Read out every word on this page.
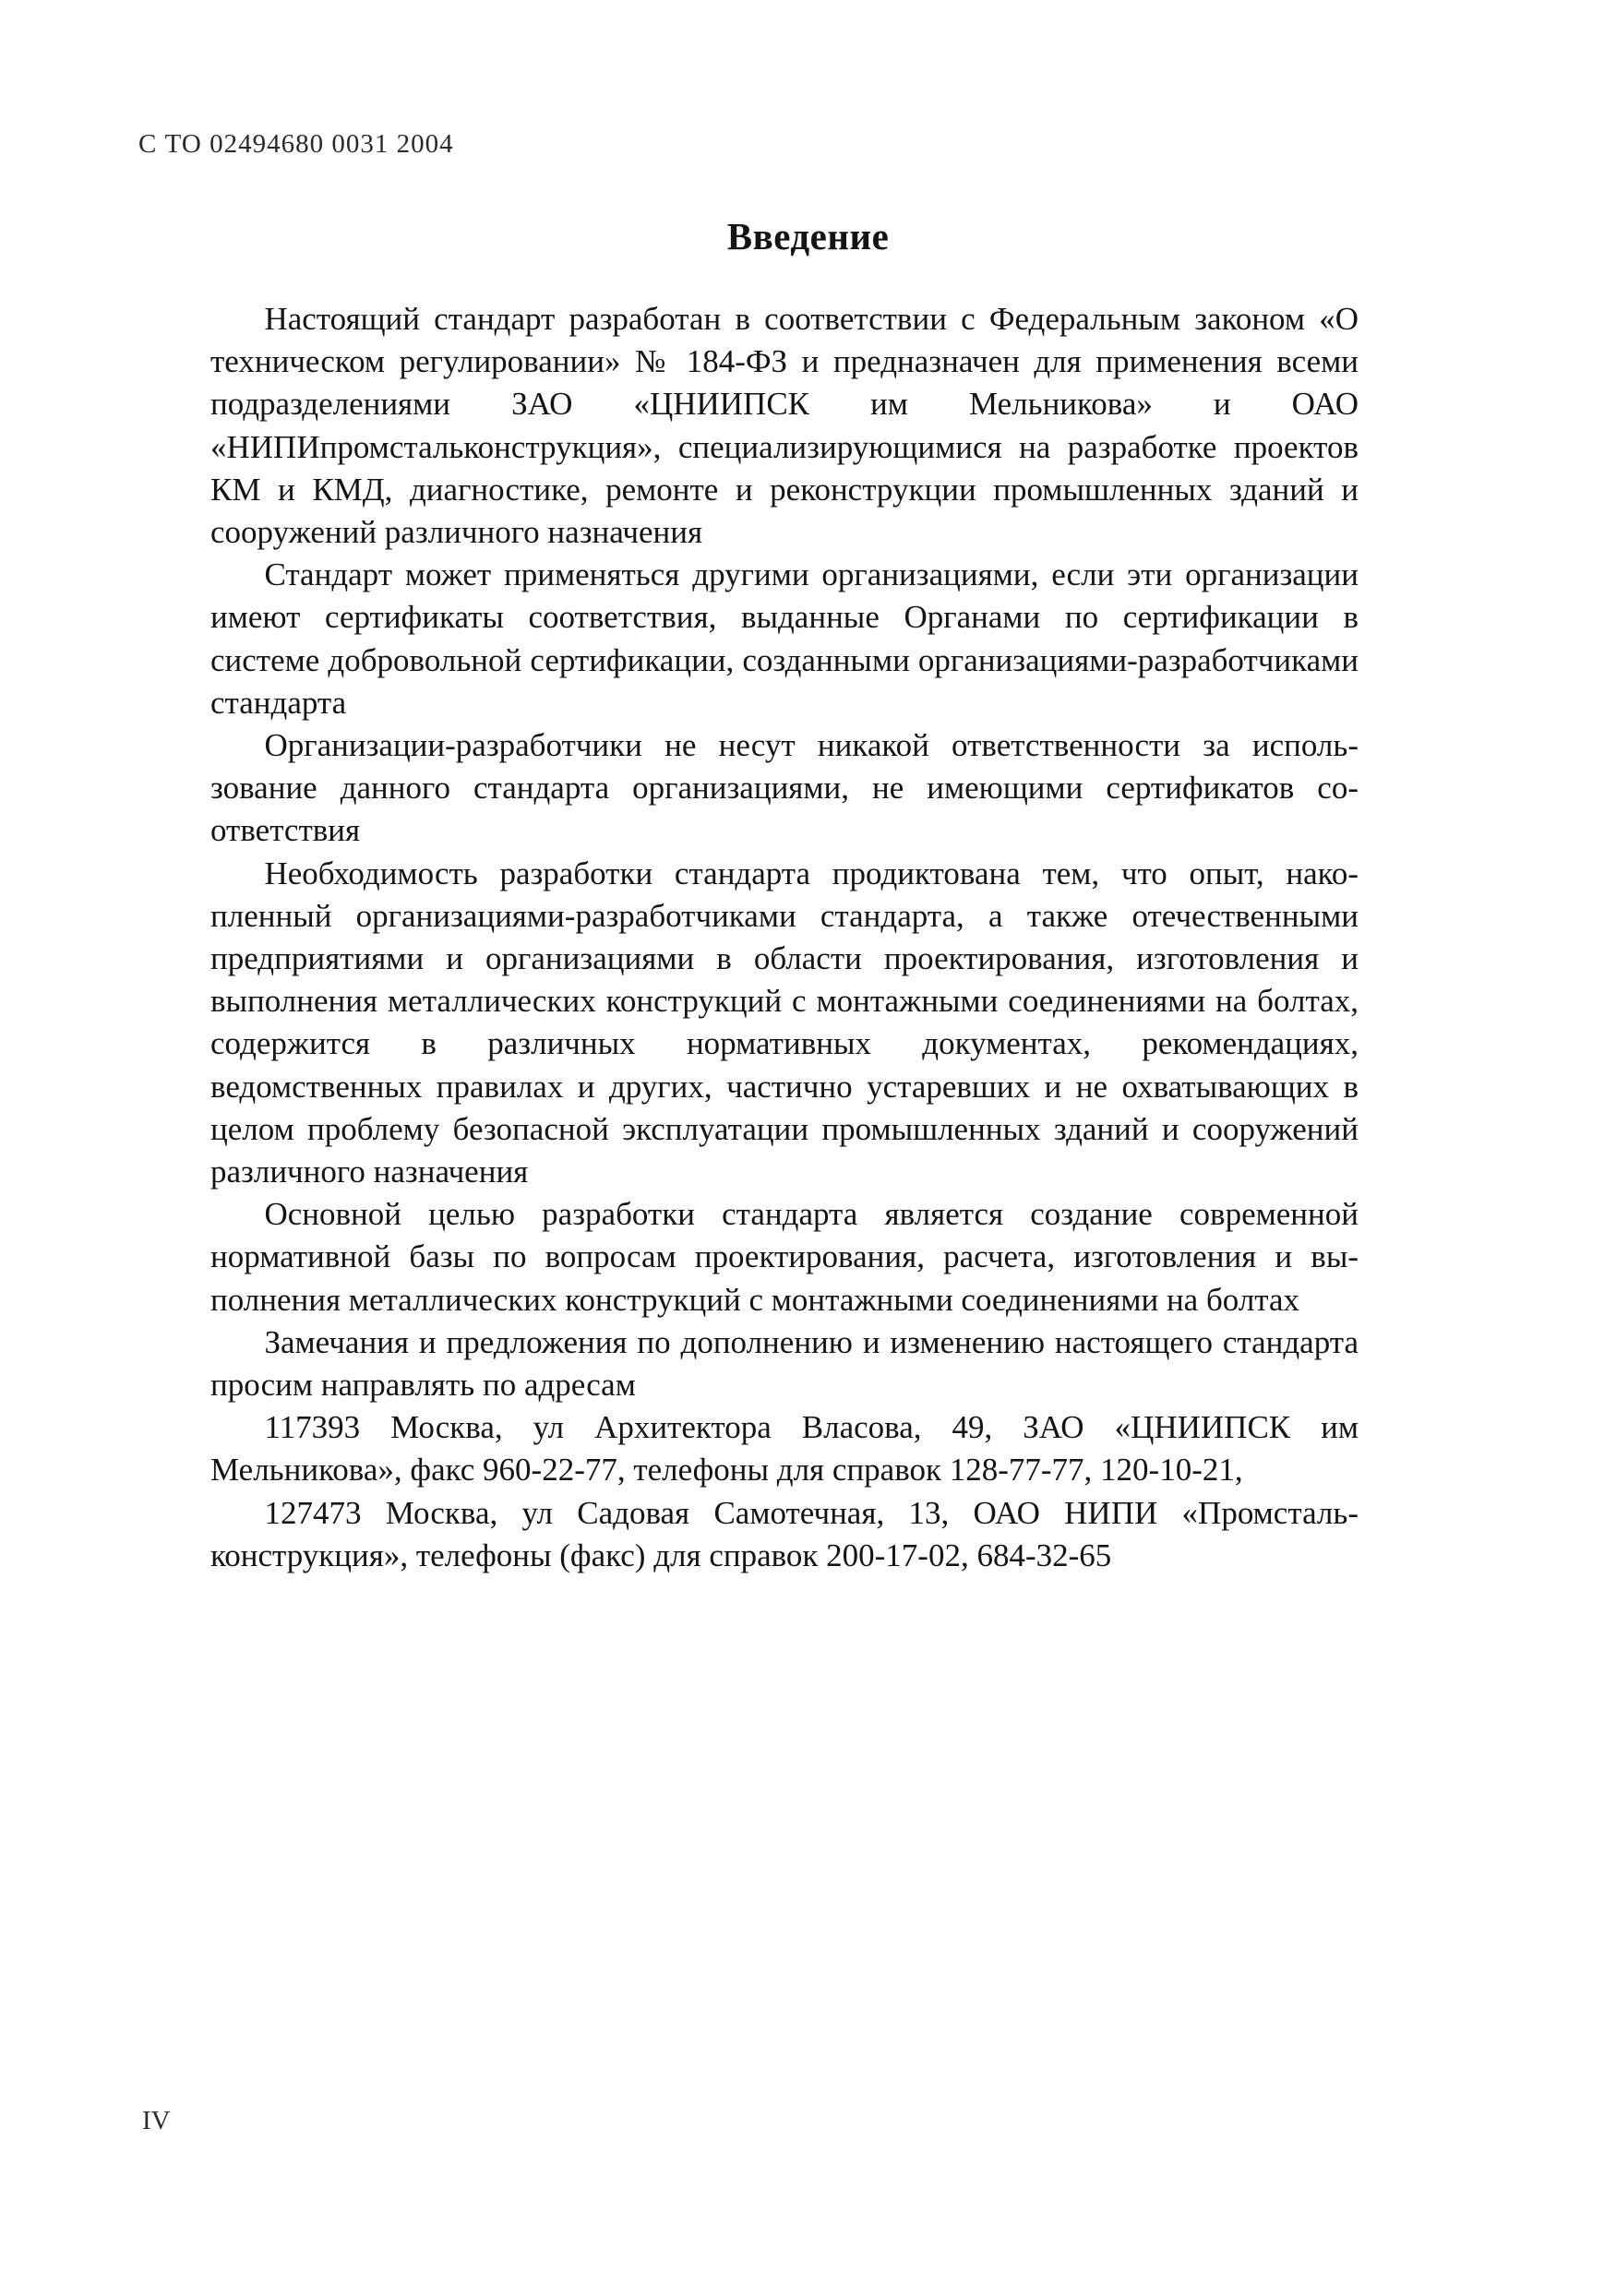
С ТО 02494680 0031 2004
Введение

Настоящий стандарт разработан в соответствии с Федеральным законом «О техническом регулировании» № 184-ФЗ и предназначен для применения всеми подразделениями ЗАО «ЦНИИПСК им Мельникова» и ОАО «НИПИпромстальконструкция», специализирующимися на разработке проектов КМ и КМД, диагностике, ремонте и реконструкции промышленных зданий и сооружений различного назначения

Стандарт может применяться другими организациями, если эти организации имеют сертификаты соответствия, выданные Органами по сертификации в системе добровольной сертификации, созданными организациями-разработчиками стандарта

Организации-разработчики не несут никакой ответственности за использование данного стандарта организациями, не имеющими сертификатов соответствия

Необходимость разработки стандарта продиктована тем, что опыт, накопленный организациями-разработчиками стандарта, а также отечественными предприятиями и организациями в области проектирования, изготовления и выполнения металлических конструкций с монтажными соединениями на болтах, содержится в различных нормативных документах, рекомендациях, ведомственных правилах и других, частично устаревших и не охватывающих в целом проблему безопасной эксплуатации промышленных зданий и сооружений различного назначения

Основной целью разработки стандарта является создание современной нормативной базы по вопросам проектирования, расчета, изготовления и выполнения металлических конструкций с монтажными соединениями на болтах

Замечания и предложения по дополнению и изменению настоящего стандарта просим направлять по адресам

117393 Москва, ул Архитектора Власова, 49, ЗАО «ЦНИИПСК им Мельникова», факс 960-22-77, телефоны для справок 128-77-77, 120-10-21,

127473 Москва, ул Садовая Самотечная, 13, ОАО НИПИ «Промстальконструкция», телефоны (факс) для справок 200-17-02, 684-32-65

IV
